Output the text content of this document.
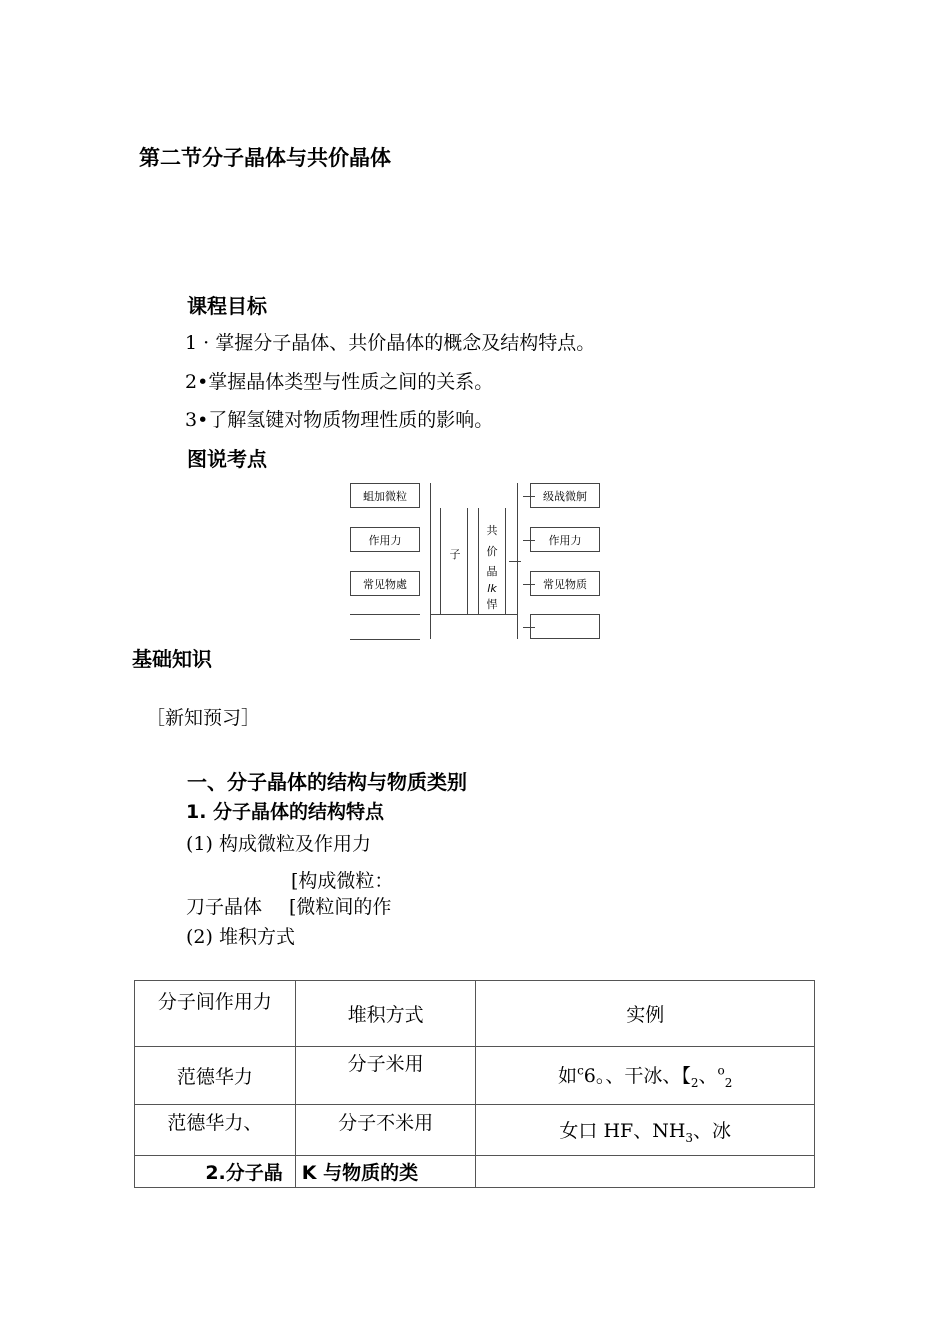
第二节分子晶体与共价晶体
课程目标
1 · 掌握分子晶体、共价晶体的概念及结构特点。
2•掌握晶体类型与性质之间的关系。
3•了解氢键对物质物理性质的影响。
图说考点
蛆加微粒
作用力
常见物處
子
共
价
晶
lk
悍
级战微舸
作用力
常见物质
基础知识
［新知预习］
一、分子晶体的结构与物质类别
1. 分子晶体的结构特点
(1) 构成微粒及作用力
[构成微粒：
刀子晶体 [微粒间的作
(2) 堆积方式
分子间作用力	堆积方式	实例
范德华力	分子米用	如$^c$6。、干冰、【$_2$、$^o_2$
范德华力、	分子不米用	女口 HF、$NH_3$、冰
2.分子晶	K 与物质的类	
